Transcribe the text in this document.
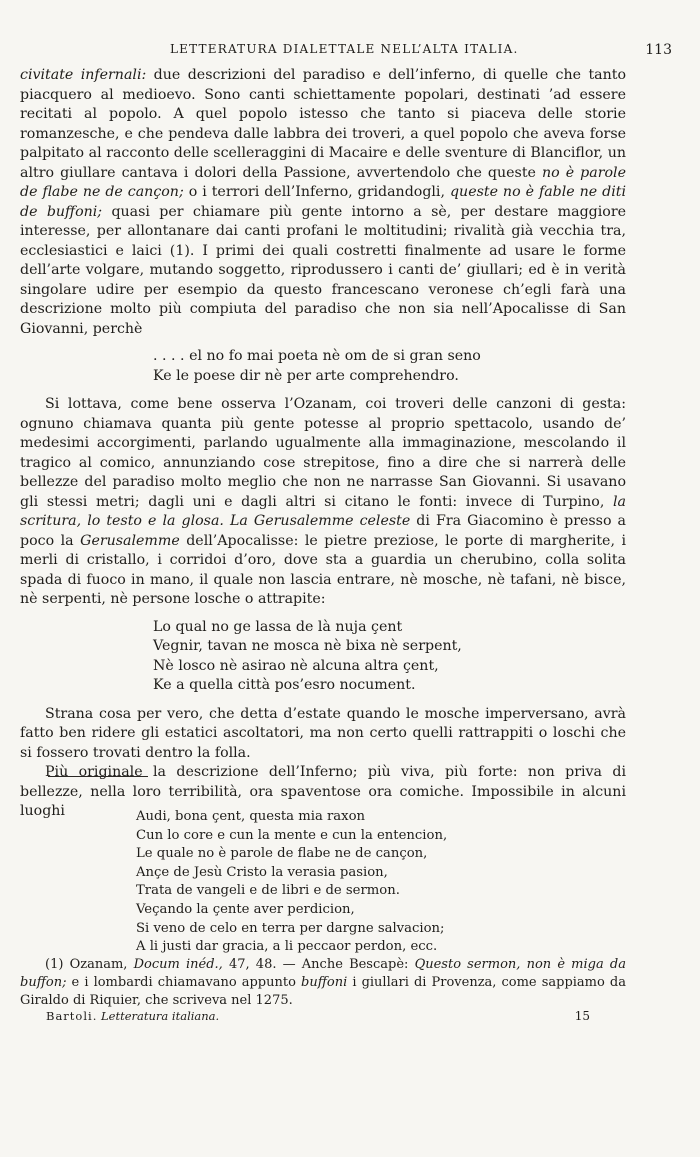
LETTERATURA DIALETTALE NELL’ALTA ITALIA.	113

civitate infernali: due descrizioni del paradiso e dell’inferno, di quelle che tanto piacquero al medioevo. Sono canti schiettamente popolari, destinati ’ad essere recitati al popolo. A quel popolo istesso che tanto si piaceva delle storie romanzesche, e che pendeva dalle labbra dei troveri, a quel popolo che aveva forse palpitato al racconto delle scelleraggini di Macaire e delle sventure di Blanciflor, un altro giullare cantava i dolori della Passione, avvertendolo che queste no è parole de flabe ne de cançon; o i terrori dell’Inferno, gridandogli, queste no è fable ne diti de buffoni; quasi per chiamare più gente intorno a sè, per destare maggiore interesse, per allontanare dai canti profani le moltitudini; rivalità già vecchia tra, ecclesiastici e laici (1). I primi dei quali costretti finalmente ad usare le forme dell’arte volgare, mutando soggetto, riprodussero i canti de’ giullari; ed è in verità singolare udire per esempio da questo francescano veronese ch’egli farà una descrizione molto più compiuta del paradiso che non sia nell’Apocalisse di San Giovanni, perchè

. . . . el no fo mai poeta nè om de si gran seno
Ke le poese dir nè per arte comprehendro.

Si lottava, come bene osserva l’Ozanam, coi troveri delle canzoni di gesta: ognuno chiamava quanta più gente potesse al proprio spettacolo, usando de’ medesimi accorgimenti, parlando ugualmente alla immaginazione, mescolando il tragico al comico, annunziando cose strepitose, fino a dire che si narrerà delle bellezze del paradiso molto meglio che non ne narrasse San Giovanni. Si usavano gli stessi metri; dagli uni e dagli altri si citano le fonti: invece di Turpino, la scritura, lo testo e la glosa. La Gerusalemme celeste di Fra Giacomino è presso a poco la Gerusalemme dell’Apocalisse: le pietre preziose, le porte di margherite, i merli di cristallo, i corridoi d’oro, dove sta a guardia un cherubino, colla solita spada di fuoco in mano, il quale non lascia entrare, nè mosche, nè tafani, nè bisce, nè serpenti, nè persone losche o attrapite:

Lo qual no ge lassa de là nuja çent
Vegnir, tavan ne mosca nè bixa nè serpent,
Nè losco nè asirao nè alcuna altra çent,
Ke a quella città pos’esro nocument.

Strana cosa per vero, che detta d’estate quando le mosche imperversano, avrà fatto ben ridere gli estatici ascoltatori, ma non certo quelli rattrappiti o loschi che si fossero trovati dentro la folla.

Più originale la descrizione dell’Inferno; più viva, più forte: non priva di bellezze, nella loro terribilità, ora spaventose ora comiche. Impossibile in alcuni luoghi	Audi, bona çent, questa mia raxon
Cun lo core e cun la mente e cun la entencion,
Le quale no è parole de flabe ne de cançon,
Ançe de Jesù Cristo la verasia pasion,
Trata de vangeli e de libri e de sermon.
Veçando la çente aver perdicion,
Si veno de celo en terra per dargne salvacion;
A li justi dar gracia, a li peccaor perdon, ecc.

(1) Ozanam, Docum inéd., 47, 48. — Anche Bescapè: Questo sermon, non è miga da buffon; e i lombardi chiamavano appunto buffoni i giullari di Provenza, come sappiamo da Giraldo di Riquier, che scriveva nel 1275.

Bartoli. Letteratura italiana.	15
